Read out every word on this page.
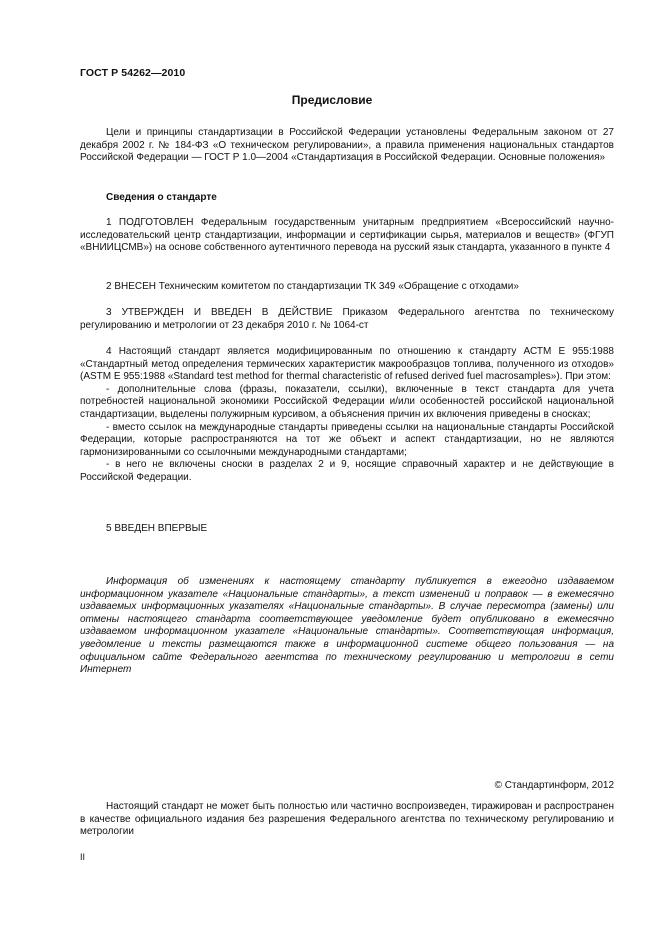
ГОСТ Р 54262—2010
Предисловие

Цели и принципы стандартизации в Российской Федерации установлены Федеральным законом от 27 декабря 2002 г. № 184-ФЗ «О техническом регулировании», а правила применения национальных стандартов Российской Федерации — ГОСТ Р 1.0—2004 «Стандартизация в Российской Федерации. Основные положения»

Сведения о стандарте

1 ПОДГОТОВЛЕН Федеральным государственным унитарным предприятием «Всероссийский научно-исследовательский центр стандартизации, информации и сертификации сырья, материалов и веществ» (ФГУП «ВНИИЦСМВ») на основе собственного аутентичного перевода на русский язык стандарта, указанного в пункте 4

2 ВНЕСЕН Техническим комитетом по стандартизации ТК 349 «Обращение с отходами»

3 УТВЕРЖДЕН И ВВЕДЕН В ДЕЙСТВИЕ Приказом Федерального агентства по техническому регулированию и метрологии от 23 декабря 2010 г. № 1064-ст

4 Настоящий стандарт является модифицированным по отношению к стандарту АСТМ Е 955:1988 «Стандартный метод определения термических характеристик макрообразцов топлива, полученного из отходов» (ASTM E 955:1988 «Standard test method for thermal characteristic of refused derived fuel macrosamples»). При этом:

- дополнительные слова (фразы, показатели, ссылки), включенные в текст стандарта для учета потребностей национальной экономики Российской Федерации и/или особенностей российской национальной стандартизации, выделены полужирным курсивом, а объяснения причин их включения приведены в сносках;

- вместо ссылок на международные стандарты приведены ссылки на национальные стандарты Российской Федерации, которые распространяются на тот же объект и аспект стандартизации, но не являются гармонизированными со ссылочными международными стандартами;

- в него не включены сноски в разделах 2 и 9, носящие справочный характер и не действующие в Российской Федерации.

5 ВВЕДЕН ВПЕРВЫЕ

Информация об изменениях к настоящему стандарту публикуется в ежегодно издаваемом информационном указателе «Национальные стандарты», а текст изменений и поправок — в ежемесячно издаваемых информационных указателях «Национальные стандарты». В случае пересмотра (замены) или отмены настоящего стандарта соответствующее уведомление будет опубликовано в ежемесячно издаваемом информационном указателе «Национальные стандарты». Соответствующая информация, уведомление и тексты размещаются также в информационной системе общего пользования — на официальном сайте Федерального агентства по техническому регулированию и метрологии в сети Интернет

© Стандартинформ, 2012

Настоящий стандарт не может быть полностью или частично воспроизведен, тиражирован и распространен в качестве официального издания без разрешения Федерального агентства по техническому регулированию и метрологии

II
